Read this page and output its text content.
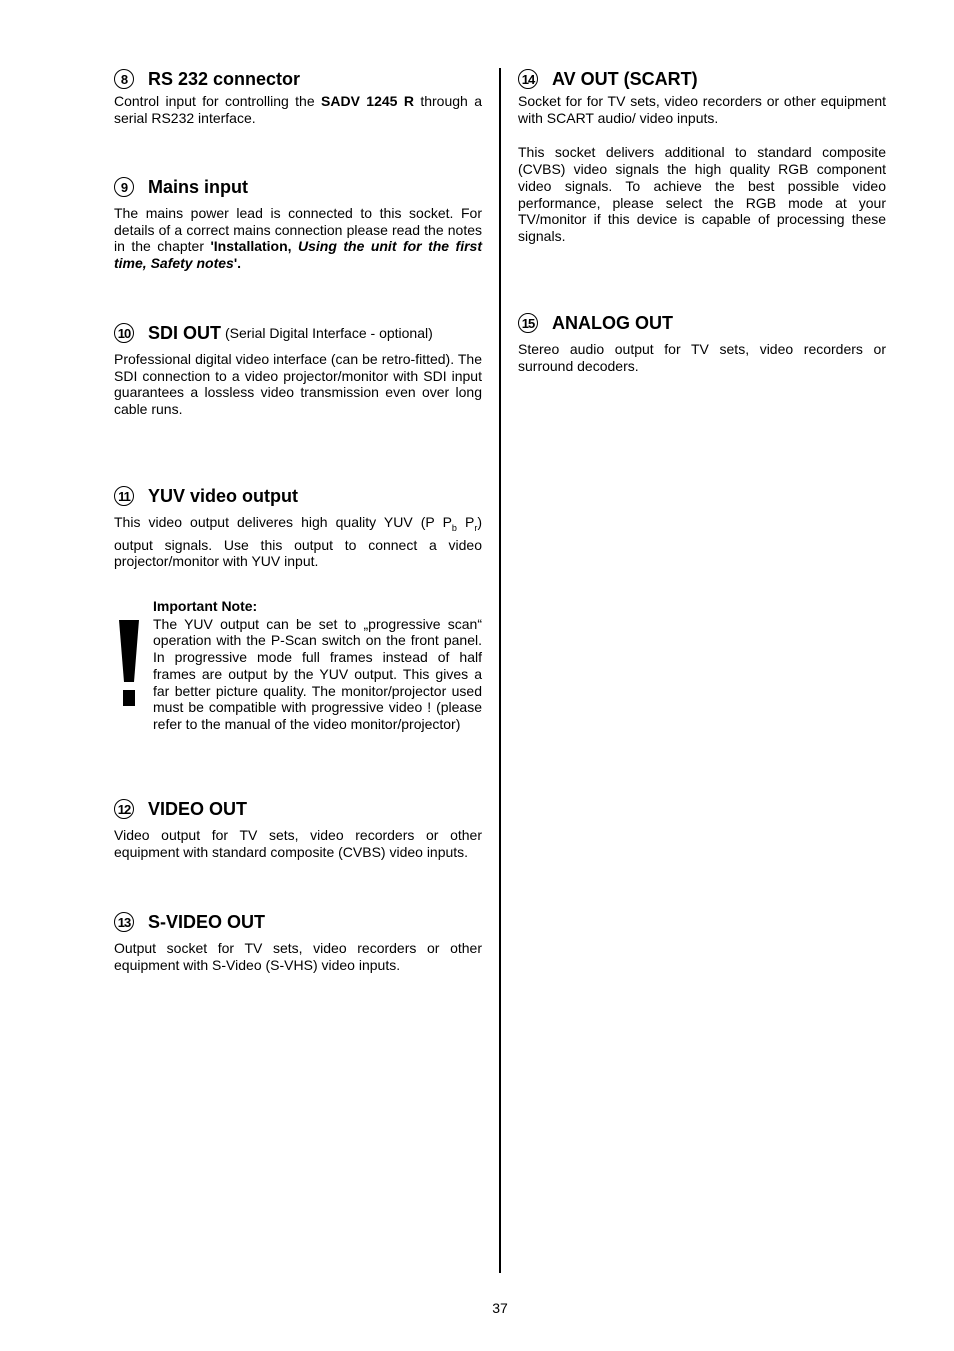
8	RS 232 connector

Control input for controlling the SADV 1245 R through a serial RS232 interface.

9	Mains input

The mains power lead is connected to this socket. For details of a correct mains connection please read the notes in the chapter 'Installation, Using the unit for the first time, Safety notes'.

10 SDI OUT (Serial Digital Interface - optional)

Professional digital video interface (can be retro-fitted). The SDI connection to a video projector/monitor with SDI input guarantees a lossless video transmission even over long cable runs.

11 YUV video output

This video output deliveres high quality YUV (P $P_b$ $P_r$) output signals. Use this output to connect a video projector/monitor with YUV input.

Important Note:

The YUV output can be set to „progressive scan“ operation with the P-Scan switch on the front panel. In progressive mode full frames instead of half frames are output by the YUV output. This gives a far better picture quality. The monitor/projector used must be compatible with progressive video ! (please refer to the manual of the video monitor/projector)

12 VIDEO OUT

Video output for TV sets, video recorders or other equipment with standard composite (CVBS) video inputs.

13 S-VIDEO OUT

Output socket for TV sets, video recorders or other equipment with S-Video (S-VHS) video inputs.

14 AV OUT (SCART)

Socket for for TV sets, video recorders or other equipment with SCART audio/ video inputs.

This socket delivers additional to standard composite (CVBS) video signals the high quality RGB component video signals. To achieve the best possible video performance, please select the RGB mode at your TV/monitor if this device is capable of processing these signals.

15 ANALOG OUT

Stereo audio output for TV sets, video recorders or surround decoders.

37
